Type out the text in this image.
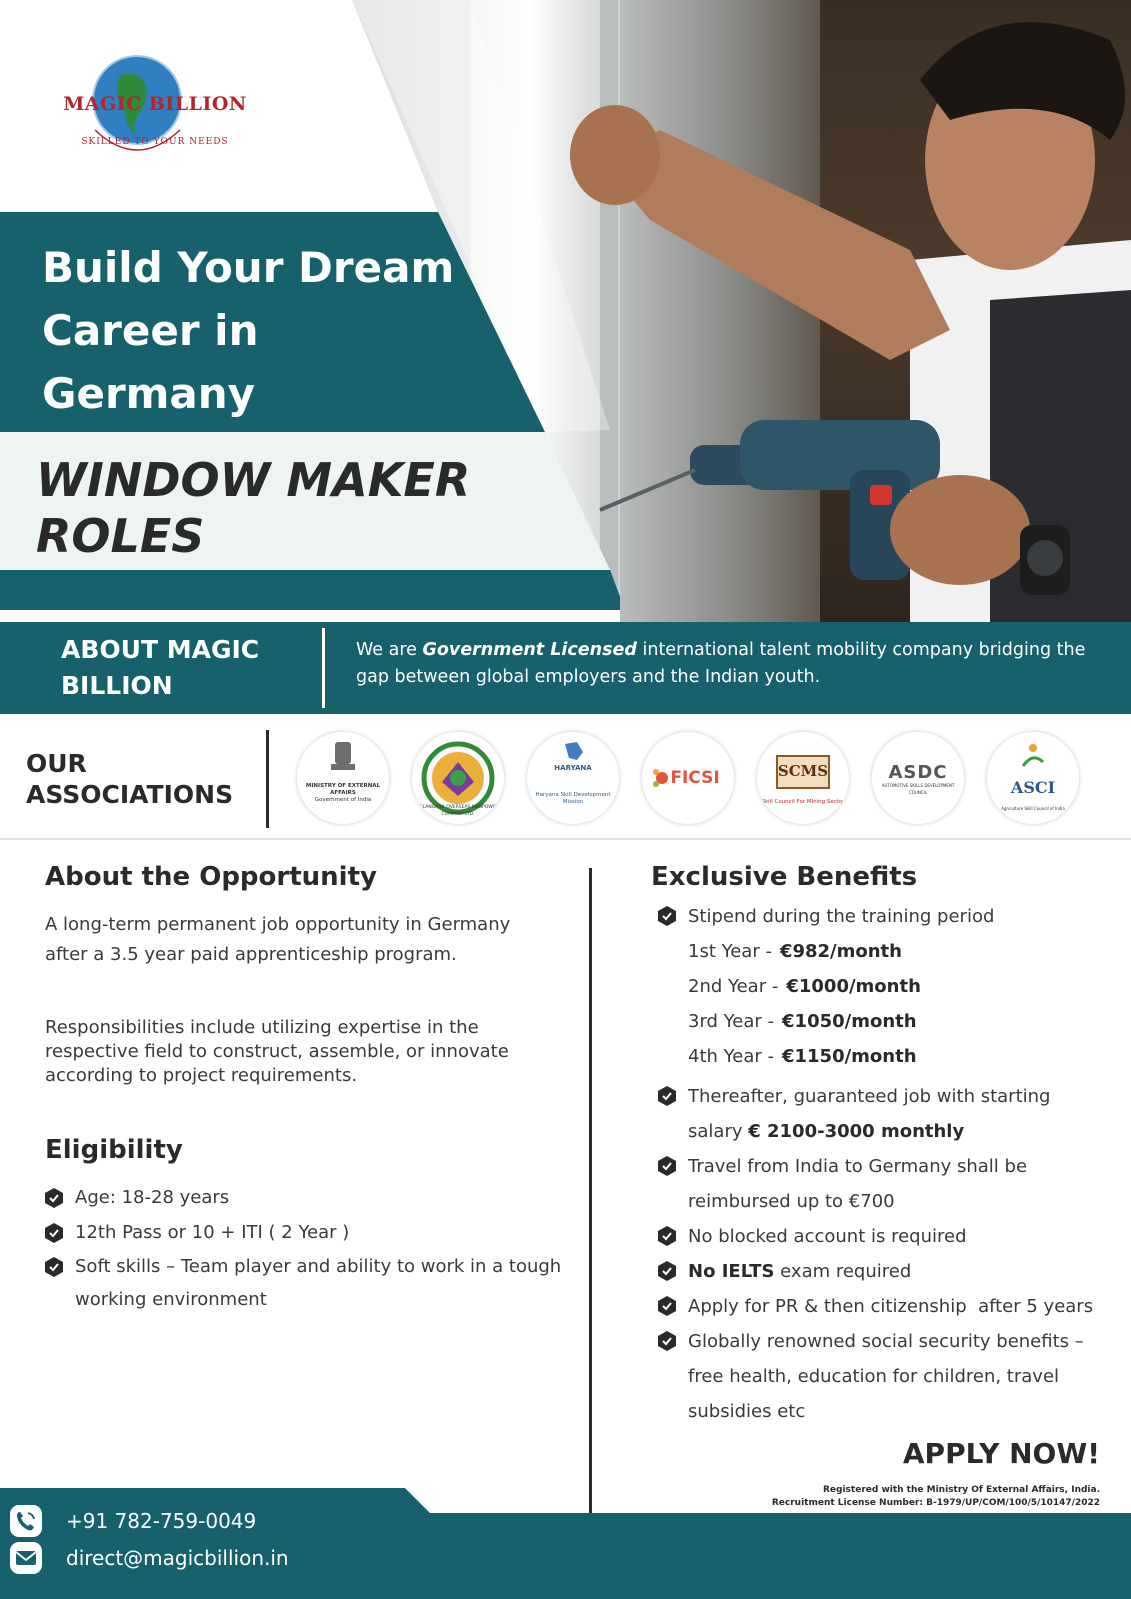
MAGIC BILLION
SKILLED TO YOUR NEEDS
Build Your Dream Career in Germany
WINDOW MAKER ROLES
ABOUT MAGIC BILLION
We are Government Licensed international talent mobility company bridging the gap between global employers and the Indian youth.
OUR ASSOCIATIONS	MINISTRY OF EXTERNAL AFFAIRS
Government of India
TELANGANA OVERSEAS MANPOWER COMPANY LTD.
HARYANA
Haryana Skill Development Mission
FICSI	SCMS
Skill Council For Mining Sector
ASDC
AUTOMOTIVE SKILLS DEVELOPMENT COUNCIL	ASCI
Agriculture Skill Council of India
About the Opportunity
A long-term permanent job opportunity in Germany after a 3.5 year paid apprenticeship program.
Responsibilities include utilizing expertise in the respective field to construct, assemble, or innovate according to project requirements.
Eligibility
Age: 18-28 years
12th Pass or 10 + ITI ( 2 Year )
Soft skills – Team player and ability to work in a tough working environment
Exclusive Benefits
Stipend during the training period
1st Year - €982/month
2nd Year - €1000/month
3rd Year - €1050/month
4th Year - €1150/month
Thereafter, guaranteed job with starting
salary € 2100-3000 monthly
Travel from India to Germany shall be reimbursed up to €700
No blocked account is required
No IELTS exam required
Apply for PR & then citizenship  after 5 years
Globally renowned social security benefits – free health, education for children, travel subsidies etc
APPLY NOW!
Registered with the Ministry Of External Affairs, India.
Recruitment License Number: B-1979/UP/COM/100/5/10147/2022
+91 782-759-0049
direct@magicbillion.in
